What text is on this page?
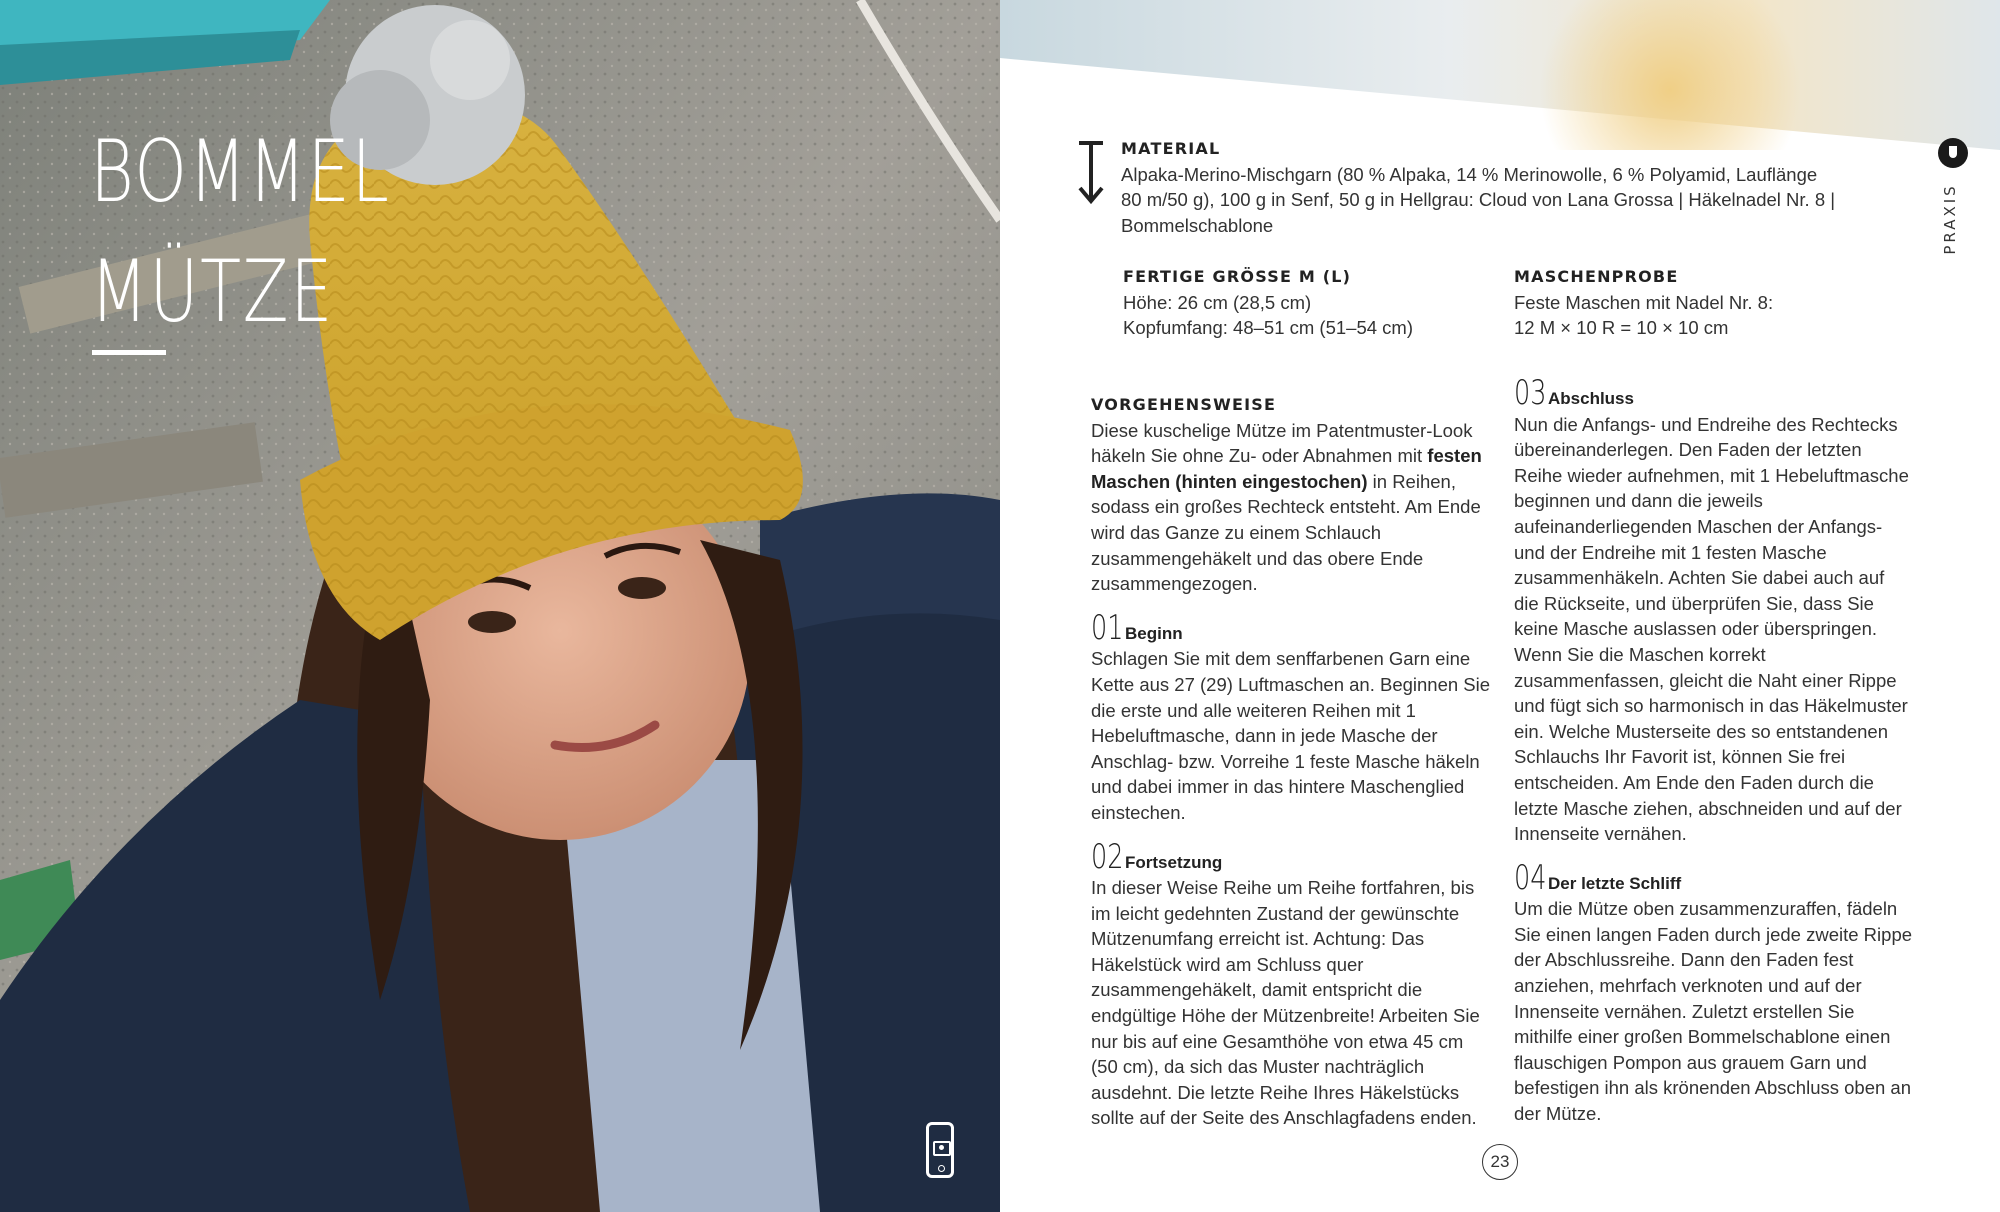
BOMMEL
MÜTZE
MATERIAL

Alpaka-Merino-Mischgarn (80 % Alpaka, 14 % Merinowolle, 6 % Polyamid, Lauflänge

80 m/50 g), 100 g in Senf, 50 g in Hellgrau: Cloud von Lana Grossa | Häkelnadel Nr. 8 |

Bommelschablone

FERTIGE GRÖSSE M (L)

Höhe: 26 cm (28,5 cm)

Kopfumfang: 48–51 cm (51–54 cm)

MASCHENPROBE

Feste Maschen mit Nadel Nr. 8:

12 M × 10 R = 10 × 10 cm

VORGEHENSWEISE

Diese kuschelige Mütze im Patentmuster-Look häkeln Sie ohne Zu- oder Abnahmen mit festen Maschen (hinten eingestochen) in Reihen, sodass ein großes Rechteck entsteht. Am Ende wird das Ganze zu einem Schlauch zusammengehäkelt und das obere Ende zusammengezogen.

01 Beginn

Schlagen Sie mit dem senffarbenen Garn eine Kette aus 27 (29) Luftmaschen an. Beginnen Sie die erste und alle weiteren Reihen mit 1 Hebeluftmasche, dann in jede Masche der Anschlag- bzw. Vorreihe 1 feste Masche häkeln und dabei immer in das hintere Maschenglied einstechen.

02 Fortsetzung

In dieser Weise Reihe um Reihe fortfahren, bis im leicht gedehnten Zustand der gewünschte Mützenumfang erreicht ist. Achtung: Das Häkelstück wird am Schluss quer zusammengehäkelt, damit entspricht die endgültige Höhe der Mützenbreite! Arbeiten Sie nur bis auf eine Gesamthöhe von etwa 45 cm (50 cm), da sich das Muster nachträglich ausdehnt. Die letzte Reihe Ihres Häkelstücks sollte auf der Seite des Anschlagfadens enden.

03 Abschluss

Nun die Anfangs- und Endreihe des Rechtecks übereinanderlegen. Den Faden der letzten Reihe wieder aufnehmen, mit 1 Hebeluftmasche beginnen und dann die jeweils aufeinanderliegenden Maschen der Anfangs- und der Endreihe mit 1 festen Masche zusammenhäkeln. Achten Sie dabei auch auf die Rückseite, und überprüfen Sie, dass Sie keine Masche auslassen oder überspringen. Wenn Sie die Maschen korrekt zusammenfassen, gleicht die Naht einer Rippe und fügt sich so harmonisch in das Häkelmuster ein. Welche Musterseite des so entstandenen Schlauchs Ihr Favorit ist, können Sie frei entscheiden. Am Ende den Faden durch die letzte Masche ziehen, abschneiden und auf der Innenseite vernähen.

04 Der letzte Schliff

Um die Mütze oben zusammenzuraffen, fädeln Sie einen langen Faden durch jede zweite Rippe der Abschlussreihe. Dann den Faden fest anziehen, mehrfach verknoten und auf der Innenseite vernähen. Zuletzt erstellen Sie mithilfe einer großen Bommelschablone einen flauschigen Pompon aus grauem Garn und befestigen ihn als krönenden Abschluss oben an der Mütze.

PRAXIS
23
